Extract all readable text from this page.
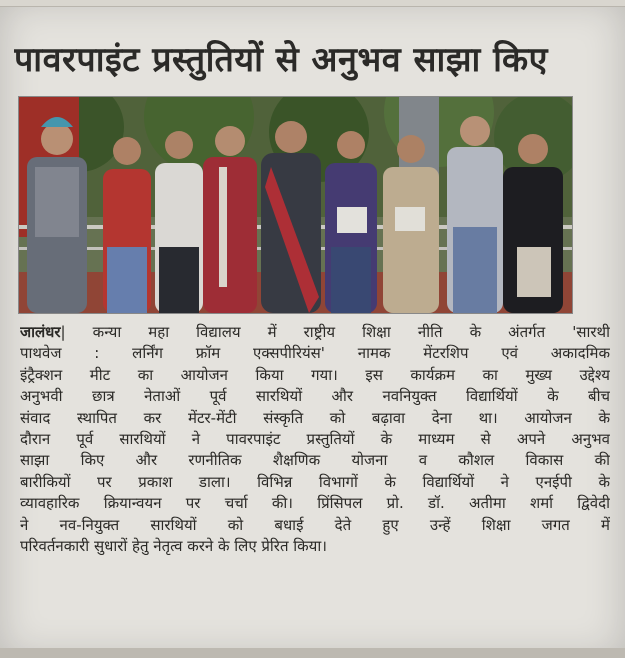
पावरपाइंट प्रस्तुतियों से अनुभव साझा किए
जालंधर| कन्या महा विद्यालय में राष्ट्रीय शिक्षा नीति के अंतर्गत 'सारथी
पाथवेज : लर्निंग फ्रॉम एक्सपीरियंस' नामक मेंटरशिप एवं अकादमिक
इंट्रैक्शन मीट का आयोजन किया गया। इस कार्यक्रम का मुख्य उद्देश्य
अनुभवी छात्र नेताओं पूर्व सारथियों और नवनियुक्त विद्यार्थियों के बीच
संवाद स्थापित कर मेंटर-मेंटी संस्कृति को बढ़ावा देना था। आयोजन के
दौरान पूर्व सारथियों ने पावरपाइंट प्रस्तुतियों के माध्यम से अपने अनुभव
साझा किए और रणनीतिक शैक्षणिक योजना व कौशल विकास की
बारीकियों पर प्रकाश डाला। विभिन्न विभागों के विद्यार्थियों ने एनईपी के
व्यावहारिक क्रियान्वयन पर चर्चा की। प्रिंसिपल प्रो. डॉ. अतीमा शर्मा द्विवेदी
ने नव-नियुक्त सारथियों को बधाई देते हुए उन्हें शिक्षा जगत में
परिवर्तनकारी सुधारों हेतु नेतृत्व करने के लिए प्रेरित किया।
